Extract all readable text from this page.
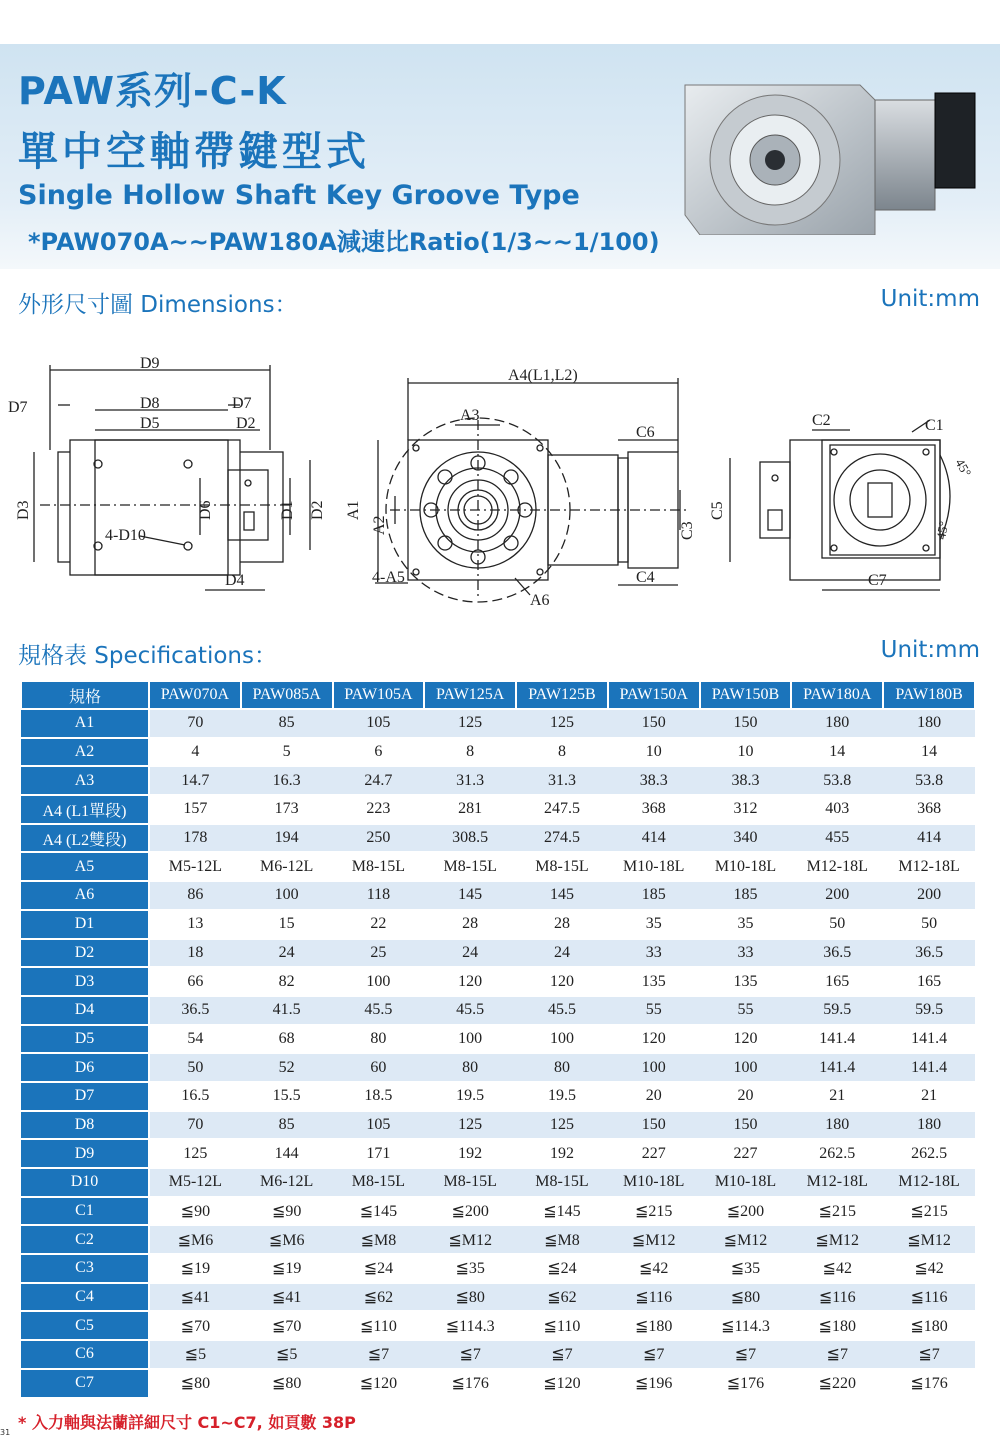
PAW系列-C-K
單中空軸帶鍵型式
Single Hollow Shaft Key Groove Type
*PAW070A~~PAW180A減速比Ratio(1/3~~1/100)
外形尺寸圖 Dimensions：	Unit:mm
D9
D7	D8
D5
D7
D2
4-D10
D4
D3	D6	D1 D2
A4(L1,L2)
A3
C6
C4
4-A5
A6
A1
A2	C3
C5
C2	C1
C7
45°
45°
規格表 Specifications：	Unit:mm
規格	PAW070A	PAW085A	PAW105A	PAW125A	PAW125B	PAW150A	PAW150B	PAW180A	PAW180B
A1	70	85	105	125	125	150	150	180	180
A2	4	5	6	8	8	10	10	14	14
A3	14.7	16.3	24.7	31.3	31.3	38.3	38.3	53.8	53.8
A4 (L1單段)	157	173	223	281	247.5	368	312	403	368
A4 (L2雙段)	178	194	250	308.5	274.5	414	340	455	414
A5	M5-12L	M6-12L	M8-15L	M8-15L	M8-15L	M10-18L	M10-18L	M12-18L	M12-18L
A6	86	100	118	145	145	185	185	200	200
D1	13	15	22	28	28	35	35	50	50
D2	18	24	25	24	24	33	33	36.5	36.5
D3	66	82	100	120	120	135	135	165	165
D4	36.5	41.5	45.5	45.5	45.5	55	55	59.5	59.5
D5	54	68	80	100	100	120	120	141.4	141.4
D6	50	52	60	80	80	100	100	141.4	141.4
D7	16.5	15.5	18.5	19.5	19.5	20	20	21	21
D8	70	85	105	125	125	150	150	180	180
D9	125	144	171	192	192	227	227	262.5	262.5
D10	M5-12L	M6-12L	M8-15L	M8-15L	M8-15L	M10-18L	M10-18L	M12-18L	M12-18L
C1	≦90	≦90	≦145	≦200	≦145	≦215	≦200	≦215	≦215
C2	≦M6	≦M6	≦M8	≦M12	≦M8	≦M12	≦M12	≦M12	≦M12
C3	≦19	≦19	≦24	≦35	≦24	≦42	≦35	≦42	≦42
C4	≦41	≦41	≦62	≦80	≦62	≦116	≦80	≦116	≦116
C5	≦70	≦70	≦110	≦114.3	≦110	≦180	≦114.3	≦180	≦180
C6	≦5	≦5	≦7	≦7	≦7	≦7	≦7	≦7	≦7
C7	≦80	≦80	≦120	≦176	≦120	≦196	≦176	≦220	≦176
* 入力軸與法蘭詳細尺寸 C1~C7, 如頁數 38P
31
